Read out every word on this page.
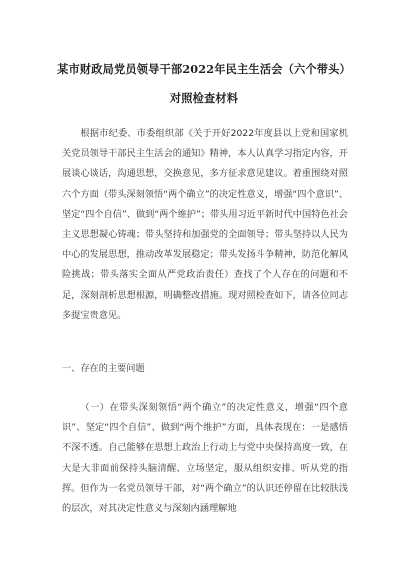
某市财政局党员领导干部2022年民主生活会（六个带头）
对照检查材料

根据市纪委、市委组织部《关于开好2022年度县以上党和国家机关党员领导干部民主生活会的通知》精神，本人认真学习指定内容，开展谈心谈话，沟通思想，交换意见，多方征求意见建议。着重围绕对照六个方面（带头深刻领悟“两个确立”的决定性意义，增强“四个意识”、坚定“四个自信”、做到“两个维护”；带头用习近平新时代中国特色社会主义思想凝心铸魂；带头坚持和加强党的全面领导；带头坚持以人民为中心的发展思想，推动改革发展稳定；带头发扬斗争精神，防范化解风险挑战；带头落实全面从严党政治责任）查找了个人存在的问题和不足，深刻剖析思想根源，明确整改措施。现对照检查如下，请各位同志多提宝贵意见。

一、存在的主要问题

（一）在带头深刻领悟“两个确立”的决定性意义，增强“四个意识”、坚定“四个自信”、做到“两个维护”方面，具体表现在：一是感悟不深不透。自己能够在思想上政治上行动上与党中央保持高度一致，在大是大非面前保持头脑清醒、立场坚定，服从组织安排、听从党的指挥。但作为一名党员领导干部，对“两个确立”的认识还停留在比较肤浅的层次，对其决定性意义与深刻内涵理解地
